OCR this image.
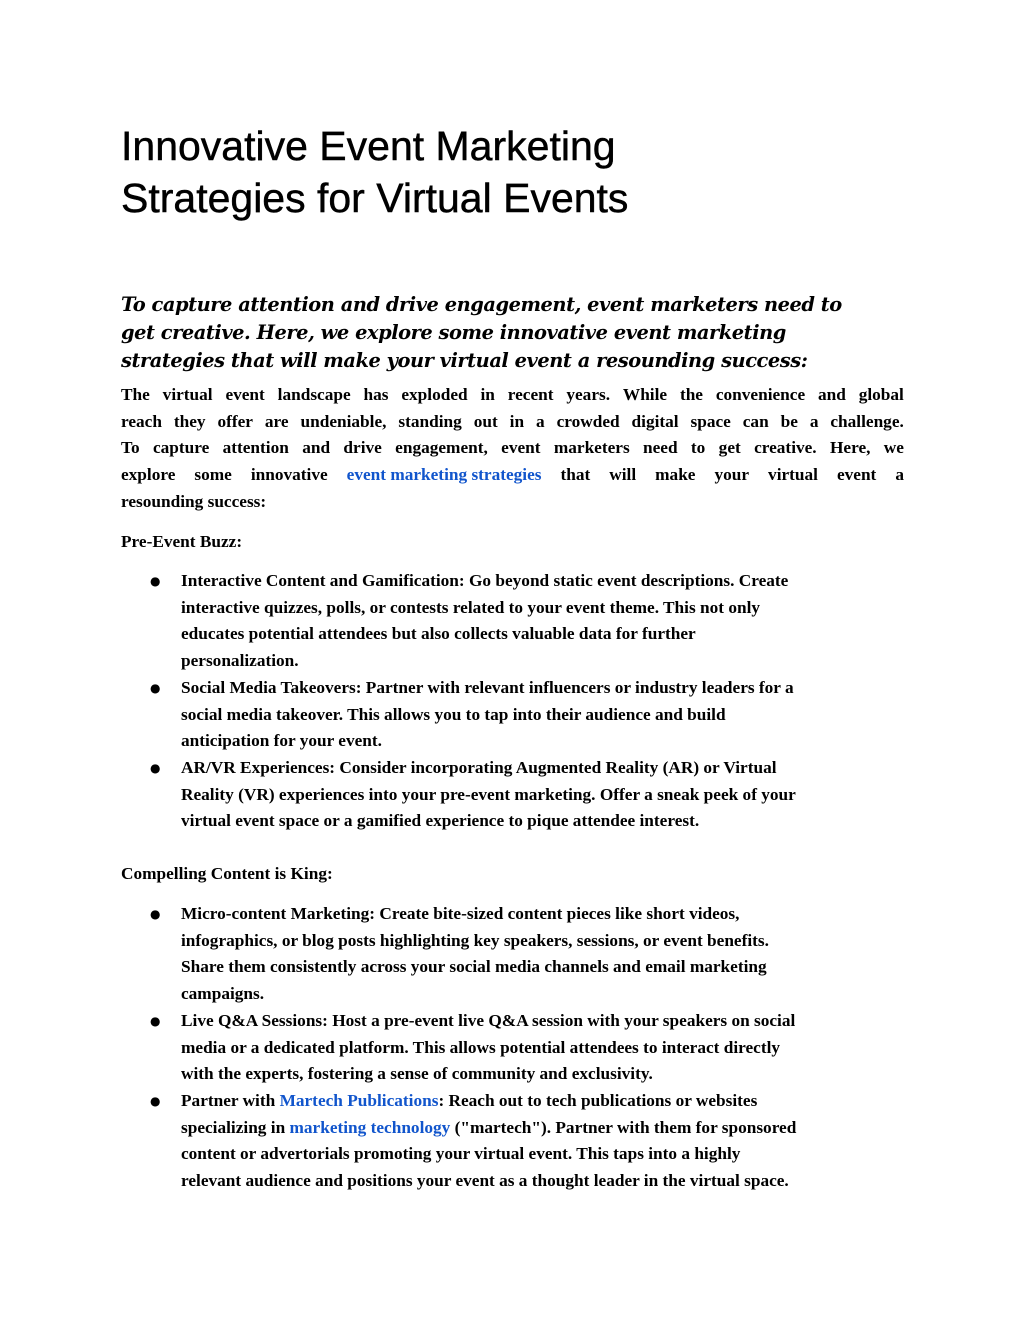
Innovative Event Marketing
Strategies for Virtual Events

To capture attention and drive engagement, event marketers need to
get creative. Here, we explore some innovative event marketing
strategies that will make your virtual event a resounding success:

The virtual event landscape has exploded in recent years. While the convenience and global
reach they offer are undeniable, standing out in a crowded digital space can be a challenge.
To capture attention and drive engagement, event marketers need to get creative. Here, we
explore some innovative event marketing strategies that will make your virtual event a
resounding success:

Pre-Event Buzz:

● Interactive Content and Gamification: Go beyond static event descriptions. Create
interactive quizzes, polls, or contests related to your event theme. This not only
educates potential attendees but also collects valuable data for further
personalization.
● Social Media Takeovers: Partner with relevant influencers or industry leaders for a
social media takeover. This allows you to tap into their audience and build
anticipation for your event.
● AR/VR Experiences: Consider incorporating Augmented Reality (AR) or Virtual
Reality (VR) experiences into your pre-event marketing. Offer a sneak peek of your
virtual event space or a gamified experience to pique attendee interest.

Compelling Content is King:

● Micro-content Marketing: Create bite-sized content pieces like short videos,
infographics, or blog posts highlighting key speakers, sessions, or event benefits.
Share them consistently across your social media channels and email marketing
campaigns.
● Live Q&A Sessions: Host a pre-event live Q&A session with your speakers on social
media or a dedicated platform. This allows potential attendees to interact directly
with the experts, fostering a sense of community and exclusivity.
● Partner with Martech Publications: Reach out to tech publications or websites
specializing in marketing technology ("martech"). Partner with them for sponsored
content or advertorials promoting your virtual event. This taps into a highly
relevant audience and positions your event as a thought leader in the virtual space.
